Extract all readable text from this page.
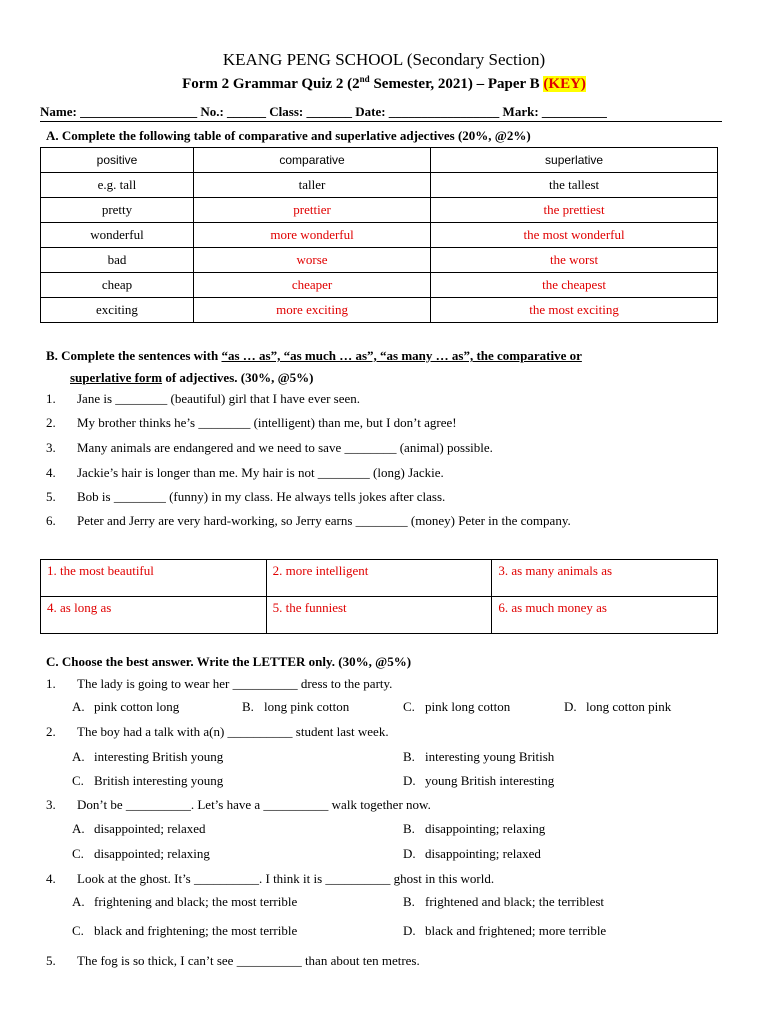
KEANG PENG SCHOOL (Secondary Section)
Form 2 Grammar Quiz 2 (2nd Semester, 2021) – Paper B (KEY)
Name: __________________ No.: ______ Class: _______ Date: _________________ Mark: __________
A. Complete the following table of comparative and superlative adjectives (20%, @2%)
positive	comparative	superlative
e.g. tall	taller	the tallest
pretty	prettier	the prettiest
wonderful	more wonderful	the most wonderful
bad	worse	the worst
cheap	cheaper	the cheapest
exciting	more exciting	the most exciting
B. Complete the sentences with “as … as”, “as much … as”, “as many … as”, the comparative or
superlative form of adjectives. (30%, @5%)
1. Jane is ________ (beautiful) girl that I have ever seen.
2. My brother thinks he’s ________ (intelligent) than me, but I don’t agree!
3. Many animals are endangered and we need to save ________ (animal) possible.
4. Jackie’s hair is longer than me. My hair is not ________ (long) Jackie.
5. Bob is ________ (funny) in my class. He always tells jokes after class.
6. Peter and Jerry are very hard-working, so Jerry earns ________ (money) Peter in the company.
1. the most beautiful	2. more intelligent	3. as many animals as
4. as long as	5. the funniest	6. as much money as
C. Choose the best answer. Write the LETTER only. (30%, @5%)
1. The lady is going to wear her __________ dress to the party.
A. pink cotton long	B. long pink cotton	C. pink long cotton	D. long cotton pink
2. The boy had a talk with a(n) __________ student last week.
A. interesting British young	B. interesting young British
C. British interesting young	D. young British interesting
3. Don’t be __________. Let’s have a __________ walk together now.
A. disappointed; relaxed	B. disappointing; relaxing
C. disappointed; relaxing	D. disappointing; relaxed
4. Look at the ghost. It’s __________. I think it is __________ ghost in this world.
A. frightening and black; the most terrible	B. frightened and black; the terriblest
C. black and frightening; the most terrible	D. black and frightened; more terrible
5. The fog is so thick, I can’t see __________ than about ten metres.
